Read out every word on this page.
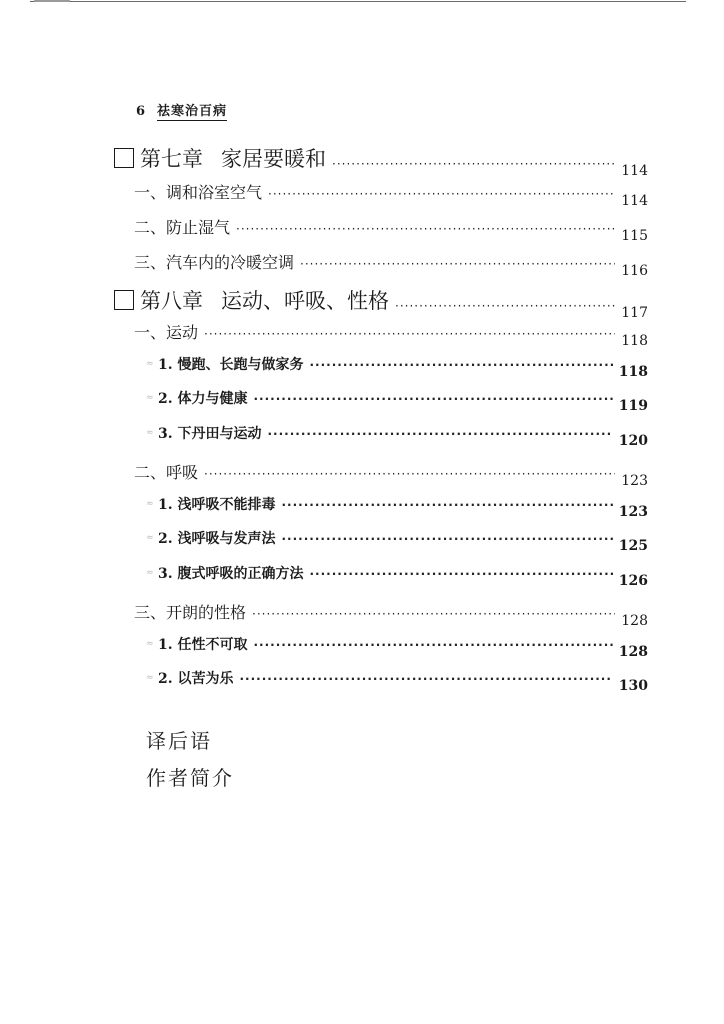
6 祛寒治百病
第七章 家居要暖和 ·····	114
一、调和浴室空气 ·····	114
二、防止湿气 ·····	115
三、汽车内的冷暖空调 ·····	116
第八章 运动、呼吸、性格 ·····	117
一、运动 ·····	118
≈ 1. 慢跑、长跑与做家务 ·····	118
≈ 2. 体力与健康 ·····	119
≈ 3. 下丹田与运动 ·····	120
二、呼吸 ·····	123
≈ 1. 浅呼吸不能排毒 ·····	123
≈ 2. 浅呼吸与发声法 ·····	125
≈ 3. 腹式呼吸的正确方法 ·····	126
三、开朗的性格 ·····	128
≈ 1. 任性不可取 ·····	128
≈ 2. 以苦为乐 ·····	130
译后语
作者简介
